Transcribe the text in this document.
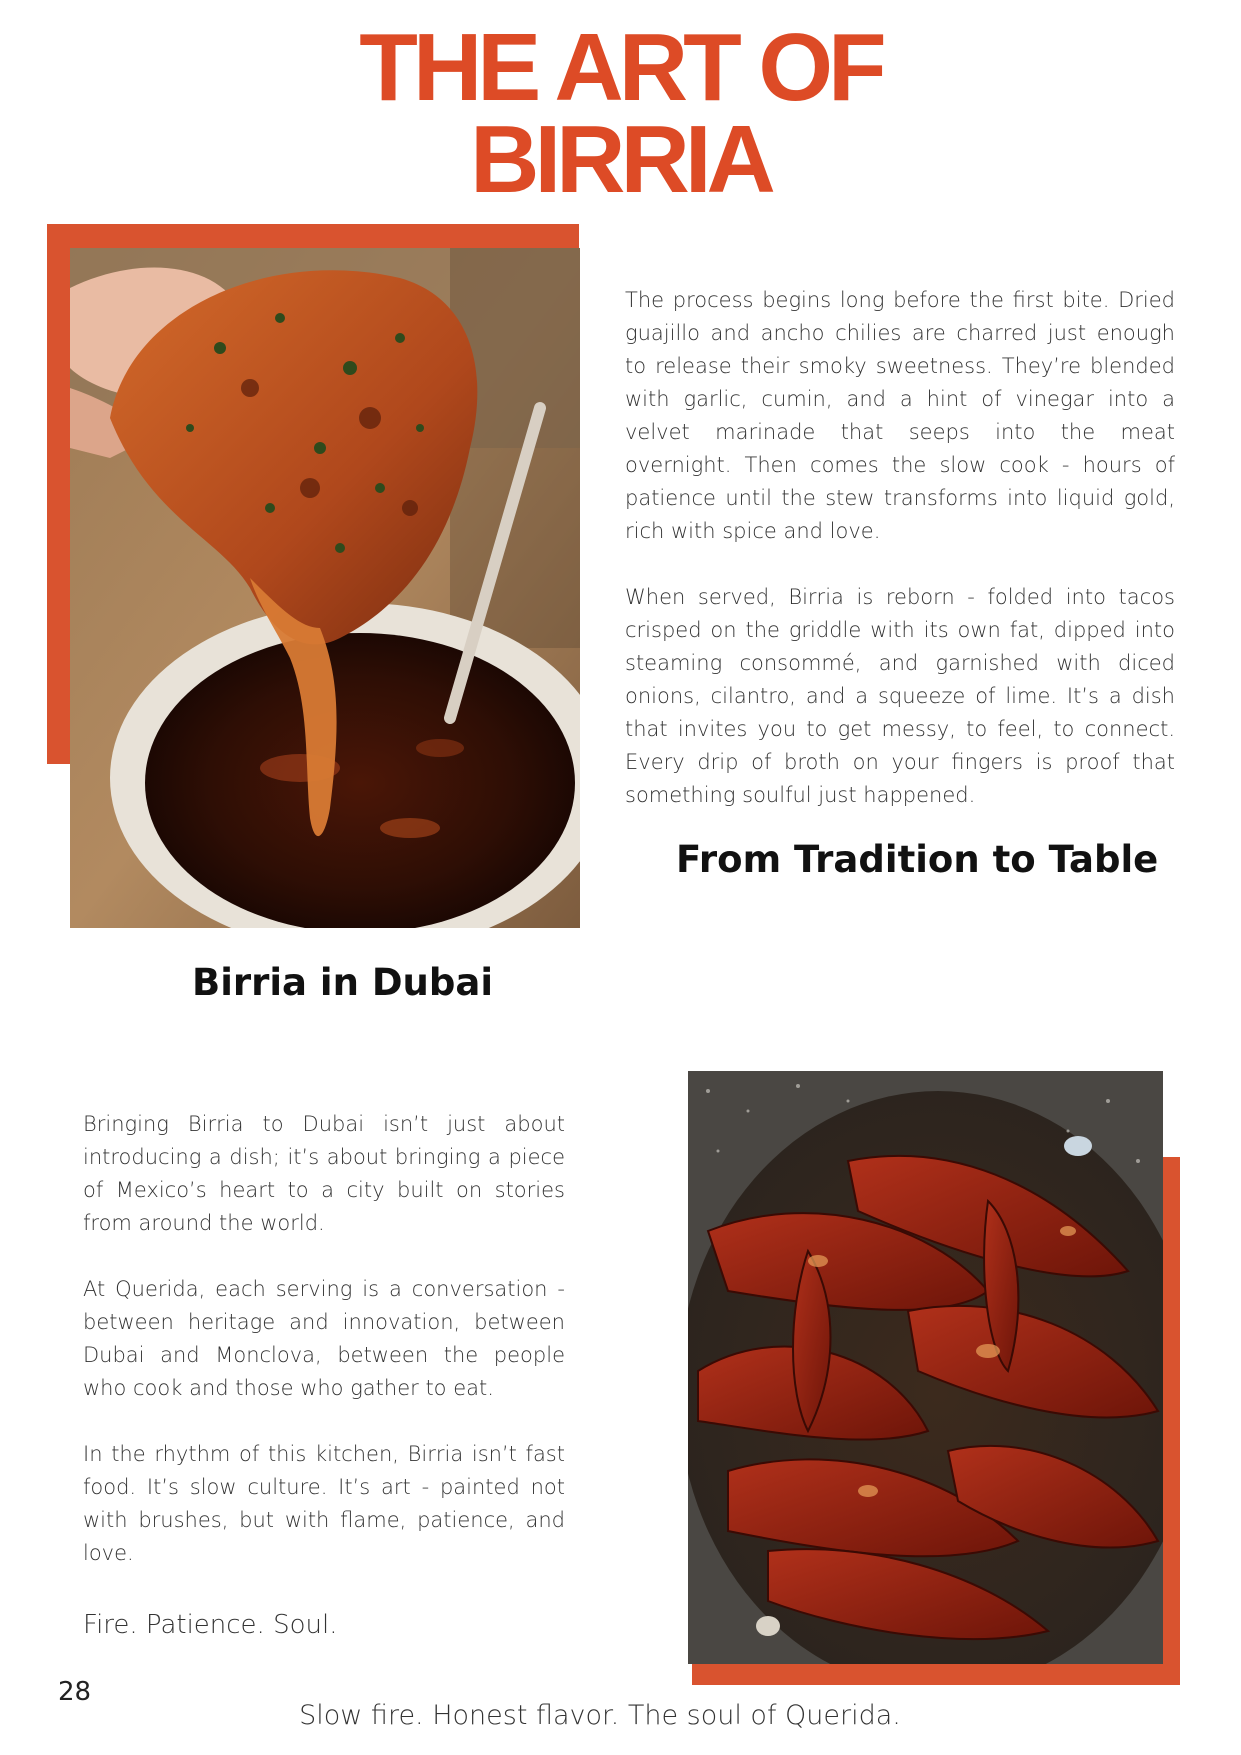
THE ART OF
BIRRIA

The process begins long before the first bite. Dried guajillo and ancho chilies are charred just enough to release their smoky sweetness. They’re blended with garlic, cumin, and a hint of vinegar into a velvet marinade that seeps into the meat overnight. Then comes the slow cook - hours of patience until the stew transforms into liquid gold, rich with spice and love.

When served, Birria is reborn - folded into tacos crisped on the griddle with its own fat, dipped into steaming consommé, and garnished with diced onions, cilantro, and a squeeze of lime. It’s a dish that invites you to get messy, to feel, to connect. Every drip of broth on your fingers is proof that something soulful just happened.

From Tradition to Table
Birria in Dubai

Bringing Birria to Dubai isn’t just about introducing a dish; it’s about bringing a piece of Mexico’s heart to a city built on stories from around the world.

At Querida, each serving is a conversation - between heritage and innovation, between Dubai and Monclova, between the people who cook and those who gather to eat.

In the rhythm of this kitchen, Birria isn’t fast food. It’s slow culture. It’s art - painted not with brushes, but with flame, patience, and love.

Fire. Patience. Soul.

28

Slow fire. Honest flavor. The soul of Querida.
